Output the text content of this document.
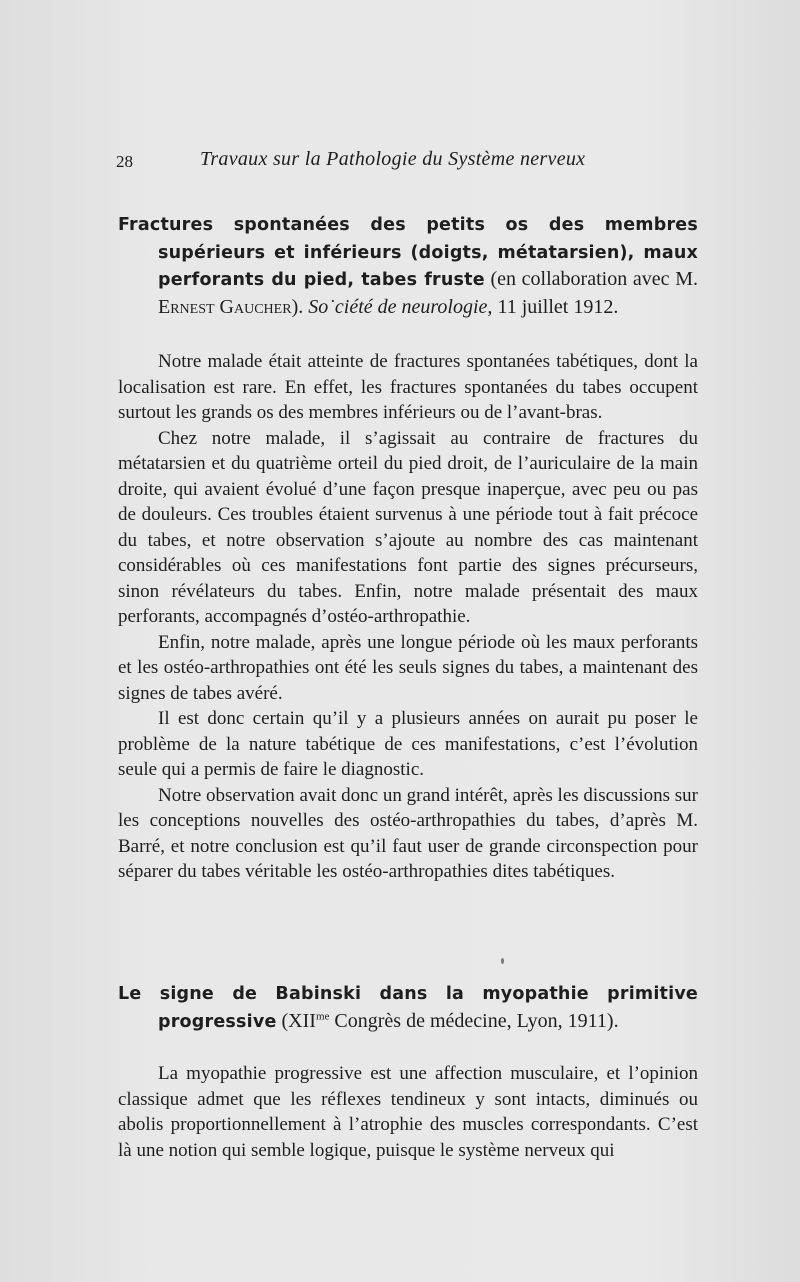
28	Travaux sur la Pathologie du Système nerveux

Fractures spontanées des petits os des membres supérieurs et inférieurs (doigts, métatarsien), maux perforants du pied, tabes fruste (en collaboration avec M. Ernest Gaucher). So˙ciété de neurologie, 11 juillet 1912.

Notre malade était atteinte de fractures spontanées tabétiques, dont la localisation est rare. En effet, les fractures spontanées du tabes occupent surtout les grands os des membres inférieurs ou de l’avant-bras.

Chez notre malade, il s’agissait au contraire de fractures du métatarsien et du quatrième orteil du pied droit, de l’auriculaire de la main droite, qui avaient évolué d’une façon presque inaperçue, avec peu ou pas de douleurs. Ces troubles étaient survenus à une période tout à fait précoce du tabes, et notre observation s’ajoute au nombre des cas maintenant considérables où ces manifestations font partie des signes précurseurs, sinon révélateurs du tabes. Enfin, notre malade présentait des maux perforants, accompagnés d’ostéo-arthropathie.

Enfin, notre malade, après une longue période où les maux perforants et les ostéo-arthropathies ont été les seuls signes du tabes, a maintenant des signes de tabes avéré.

Il est donc certain qu’il y a plusieurs années on aurait pu poser le problème de la nature tabétique de ces manifestations, c’est l’évolution seule qui a permis de faire le diagnostic.

Notre observation avait donc un grand intérêt, après les discussions sur les conceptions nouvelles des ostéo-arthropathies du tabes, d’après M. Barré, et notre conclusion est qu’il faut user de grande circonspection pour séparer du tabes véritable les ostéo-arthropathies dites tabétiques.

Le signe de Babinski dans la myopathie primitive progressive ($XII^{me}$ Congrès de médecine, Lyon, 1911).

La myopathie progressive est une affection musculaire, et l’opinion classique admet que les réflexes tendineux y sont intacts, diminués ou abolis proportionnellement à l’atrophie des muscles correspondants. C’est là une notion qui semble logique, puisque le système nerveux qui
